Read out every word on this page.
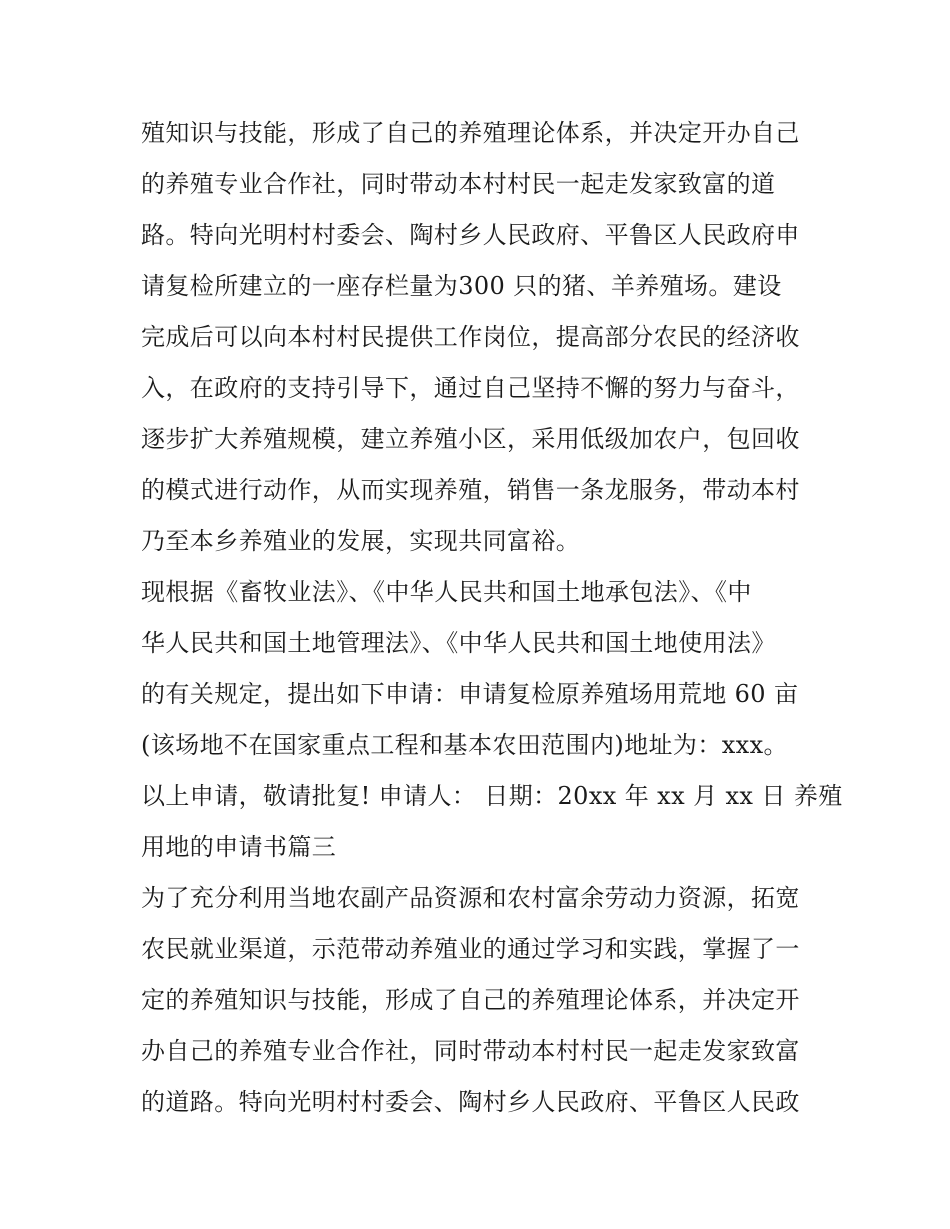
殖知识与技能，形成了自己的养殖理论体系，并决定开办自己
的养殖专业合作社，同时带动本村村民一起走发家致富的道
路。特向光明村村委会、陶村乡人民政府、平鲁区人民政府申
请复检所建立的一座存栏量为300 只的猪、羊养殖场。建设
完成后可以向本村村民提供工作岗位，提高部分农民的经济收
入，在政府的支持引导下，通过自己坚持不懈的努力与奋斗，
逐步扩大养殖规模，建立养殖小区，采用低级加农户，包回收
的模式进行动作，从而实现养殖，销售一条龙服务，带动本村
乃至本乡养殖业的发展，实现共同富裕。
现根据《畜牧业法》、《中华人民共和国土地承包法》、《中
华人民共和国土地管理法》、《中华人民共和国土地使用法》
的有关规定，提出如下申请：申请复检原养殖场用荒地 60 亩
(该场地不在国家重点工程和基本农田范围内)地址为：xxx。
以上申请，敬请批复! 申请人： 日期：20xx 年 xx 月 xx 日 养殖
用地的申请书篇三
为了充分利用当地农副产品资源和农村富余劳动力资源，拓宽
农民就业渠道，示范带动养殖业的通过学习和实践，掌握了一
定的养殖知识与技能，形成了自己的养殖理论体系，并决定开
办自己的养殖专业合作社，同时带动本村村民一起走发家致富
的道路。特向光明村村委会、陶村乡人民政府、平鲁区人民政
